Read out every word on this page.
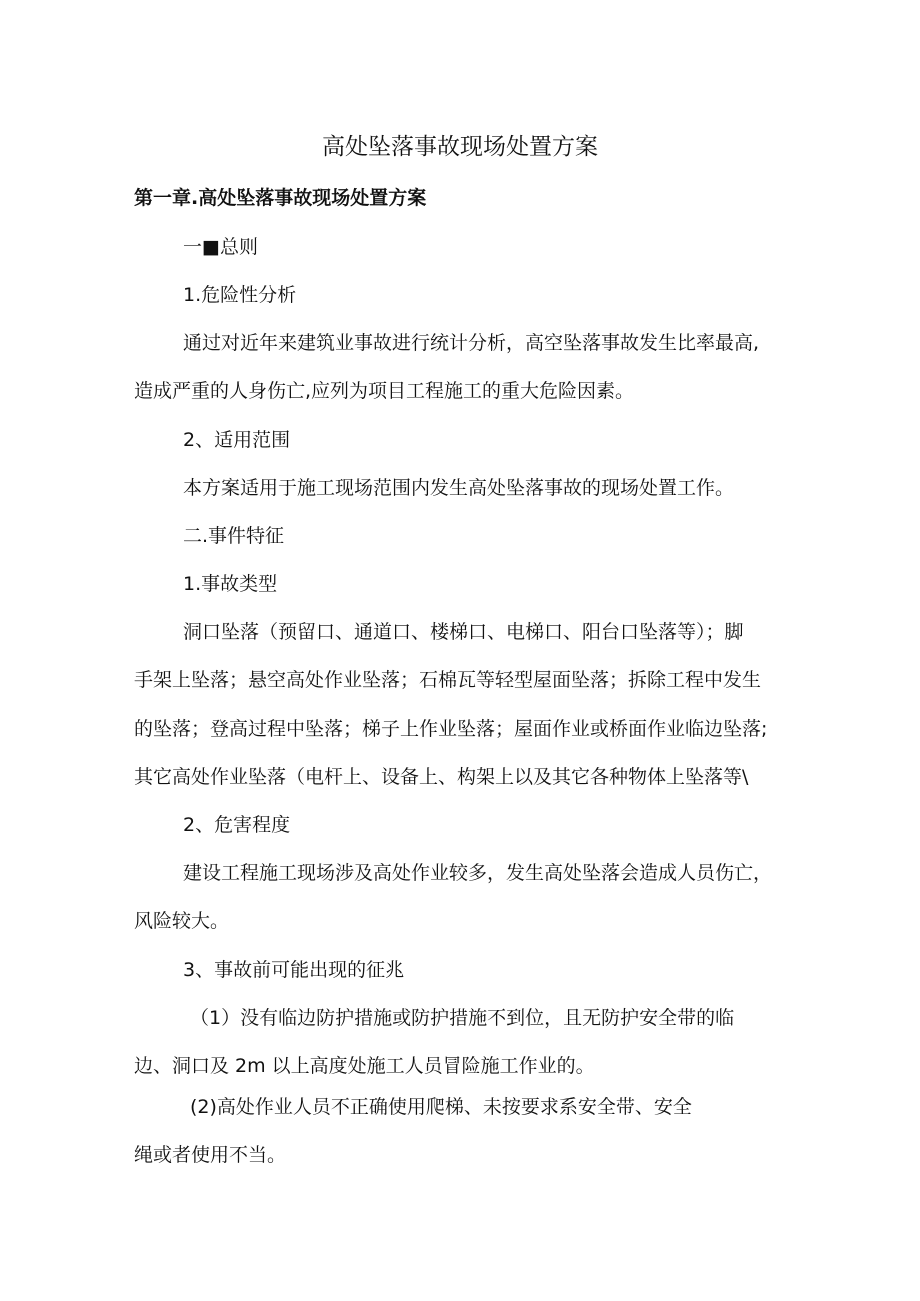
高处坠落事故现场处置方案
第一章.高处坠落事故现场处置方案
一■总则
1.危险性分析
通过对近年来建筑业事故进行统计分析，高空坠落事故发生比率最高,
造成严重的人身伤亡,应列为项目工程施工的重大危险因素。
2、适用范围
本方案适用于施工现场范围内发生高处坠落事故的现场处置工作。
二.事件特征
1.事故类型
洞口坠落（预留口、通道口、楼梯口、电梯口、阳台口坠落等）；脚
手架上坠落；悬空高处作业坠落；石棉瓦等轻型屋面坠落；拆除工程中发生
的坠落；登高过程中坠落；梯子上作业坠落；屋面作业或桥面作业临边坠落;
其它高处作业坠落（电杆上、设备上、构架上以及其它各种物体上坠落等\
2、危害程度
建设工程施工现场涉及高处作业较多，发生高处坠落会造成人员伤亡，
风险较大。
3、事故前可能出现的征兆
（1）没有临边防护措施或防护措施不到位，且无防护安全带的临
边、洞口及 2m 以上高度处施工人员冒险施工作业的。
(2)高处作业人员不正确使用爬梯、未按要求系安全带、安全
绳或者使用不当。
